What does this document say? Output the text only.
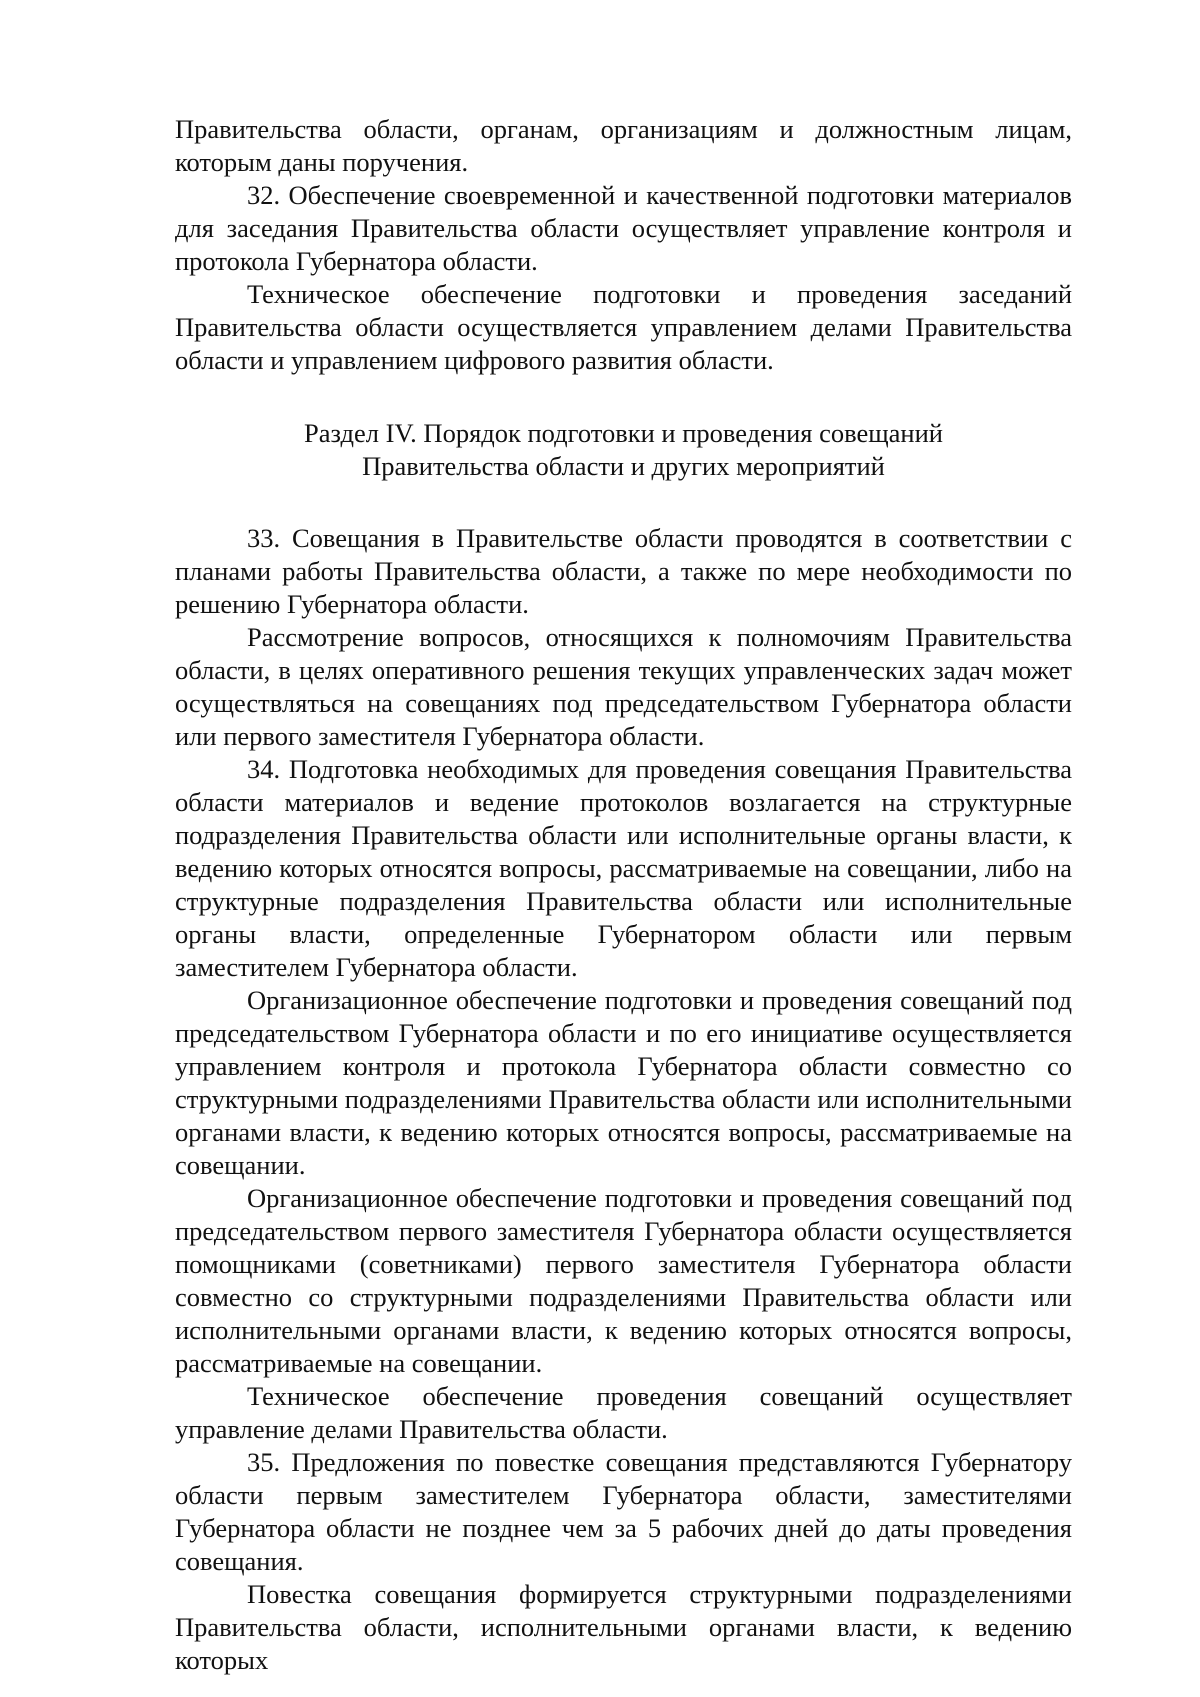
Правительства области, органам, организациям и должностным лицам, которым даны поручения.

32. Обеспечение своевременной и качественной подготовки материалов для заседания Правительства области осуществляет управление контроля и протокола Губернатора области.

Техническое обеспечение подготовки и проведения заседаний Правительства области осуществляется управлением делами Правительства области и управлением цифрового развития области.

Раздел IV. Порядок подготовки и проведения совещаний
Правительства области и других мероприятий

33. Совещания в Правительстве области проводятся в соответствии с планами работы Правительства области, а также по мере необходимости по решению Губернатора области.

Рассмотрение вопросов, относящихся к полномочиям Правительства области, в целях оперативного решения текущих управленческих задач может осуществляться на совещаниях под председательством Губернатора области или первого заместителя Губернатора области.

34. Подготовка необходимых для проведения совещания Правительства области материалов и ведение протоколов возлагается на структурные подразделения Правительства области или исполнительные органы власти, к ведению которых относятся вопросы, рассматриваемые на совещании, либо на структурные подразделения Правительства области или исполнительные органы власти, определенные Губернатором области или первым заместителем Губернатора области.

Организационное обеспечение подготовки и проведения совещаний под председательством Губернатора области и по его инициативе осуществляется управлением контроля и протокола Губернатора области совместно со структурными подразделениями Правительства области или исполнительными органами власти, к ведению которых относятся вопросы, рассматриваемые на совещании.

Организационное обеспечение подготовки и проведения совещаний под председательством первого заместителя Губернатора области осуществляется помощниками (советниками) первого заместителя Губернатора области совместно со структурными подразделениями Правительства области или исполнительными органами власти, к ведению которых относятся вопросы, рассматриваемые на совещании.

Техническое обеспечение проведения совещаний осуществляет управление делами Правительства области.

35. Предложения по повестке совещания представляются Губернатору области первым заместителем Губернатора области, заместителями Губернатора области не позднее чем за 5 рабочих дней до даты проведения совещания.

Повестка совещания формируется структурными подразделениями Правительства области, исполнительными органами власти, к ведению которых
